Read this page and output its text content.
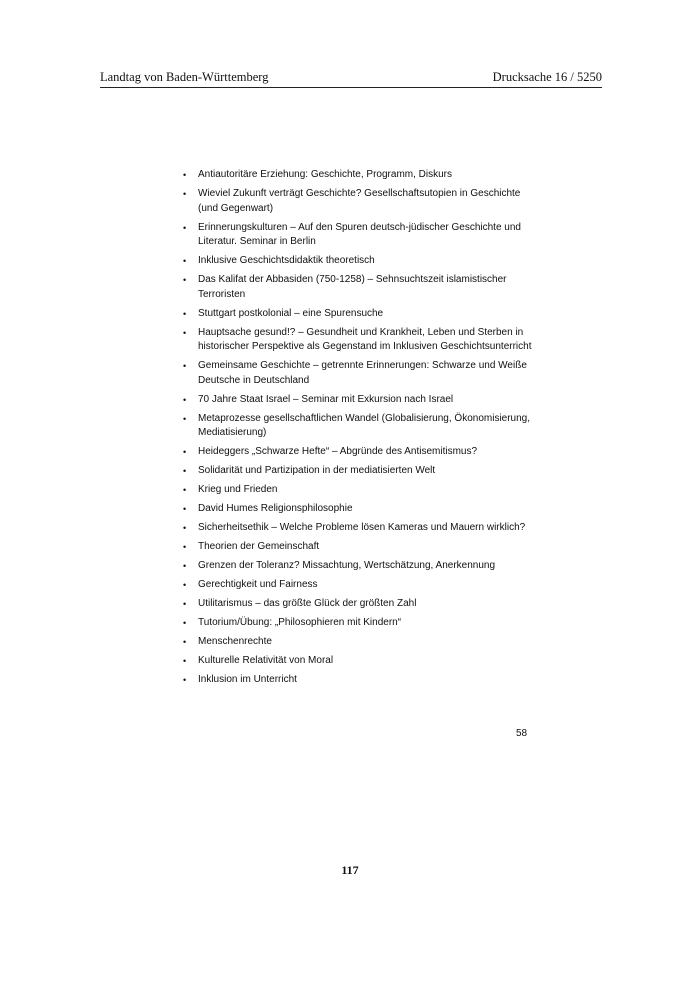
Landtag von Baden-Württemberg	Drucksache 16 / 5250
• Antiautoritäre Erziehung: Geschichte, Programm, Diskurs
• Wieviel Zukunft verträgt Geschichte? Gesellschaftsutopien in Geschichte (und Gegenwart)
• Erinnerungskulturen – Auf den Spuren deutsch-jüdischer Geschichte und Literatur. Seminar in Berlin
• Inklusive Geschichtsdidaktik theoretisch
• Das Kalifat der Abbasiden (750-1258) – Sehnsuchtszeit islamistischer Terroristen
• Stuttgart postkolonial – eine Spurensuche
• Hauptsache gesund!? – Gesundheit und Krankheit, Leben und Sterben in historischer Perspektive als Gegenstand im Inklusiven Geschichtsunterricht
• Gemeinsame Geschichte – getrennte Erinnerungen: Schwarze und Weiße Deutsche in Deutschland
• 70 Jahre Staat Israel – Seminar mit Exkursion nach Israel
• Metaprozesse gesellschaftlichen Wandel (Globalisierung, Ökonomisierung, Mediatisierung)
• Heideggers „Schwarze Hefte“ – Abgründe des Antisemitismus?
• Solidarität und Partizipation in der mediatisierten Welt
• Krieg und Frieden
• David Humes Religionsphilosophie
• Sicherheitsethik – Welche Probleme lösen Kameras und Mauern wirklich?
• Theorien der Gemeinschaft
• Grenzen der Toleranz? Missachtung, Wertschätzung, Anerkennung
• Gerechtigkeit und Fairness
• Utilitarismus – das größte Glück der größten Zahl
• Tutorium/Übung: „Philosophieren mit Kindern“
• Menschenrechte
• Kulturelle Relativität von Moral
• Inklusion im Unterricht
58
117
